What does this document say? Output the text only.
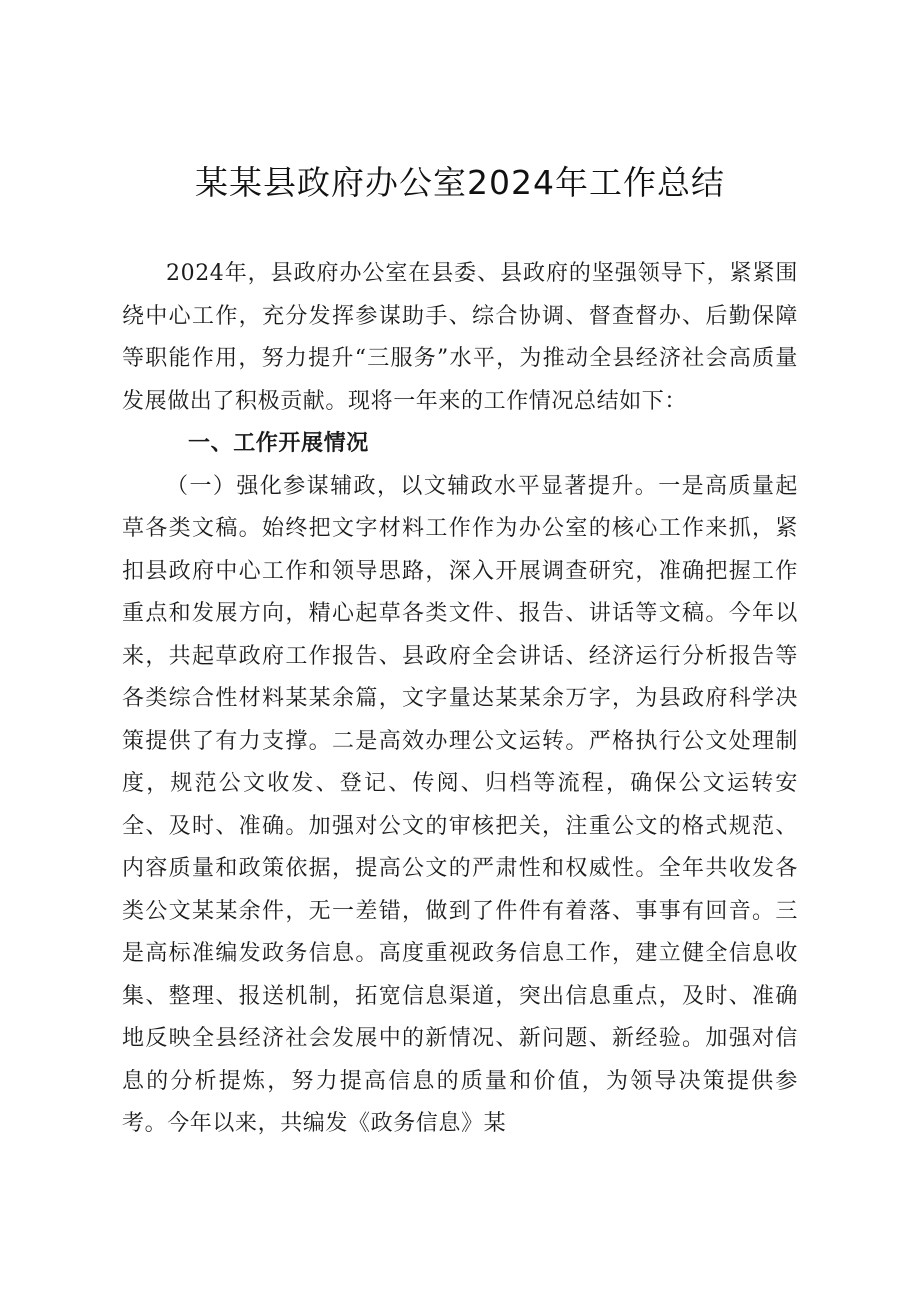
某某县政府办公室2024年工作总结

2024年，县政府办公室在县委、县政府的坚强领导下，紧紧围绕中心工作，充分发挥参谋助手、综合协调、督查督办、后勤保障等职能作用，努力提升“三服务”水平，为推动全县经济社会高质量发展做出了积极贡献。现将一年来的工作情况总结如下：

一、工作开展情况

（一）强化参谋辅政，以文辅政水平显著提升。一是高质量起草各类文稿。始终把文字材料工作作为办公室的核心工作来抓，紧扣县政府中心工作和领导思路，深入开展调查研究，准确把握工作重点和发展方向，精心起草各类文件、报告、讲话等文稿。今年以来，共起草政府工作报告、县政府全会讲话、经济运行分析报告等各类综合性材料某某余篇，文字量达某某余万字，为县政府科学决策提供了有力支撑。二是高效办理公文运转。严格执行公文处理制度，规范公文收发、登记、传阅、归档等流程，确保公文运转安全、及时、准确。加强对公文的审核把关，注重公文的格式规范、内容质量和政策依据，提高公文的严肃性和权威性。全年共收发各类公文某某余件，无一差错，做到了件件有着落、事事有回音。三是高标准编发政务信息。高度重视政务信息工作，建立健全信息收集、整理、报送机制，拓宽信息渠道，突出信息重点，及时、准确地反映全县经济社会发展中的新情况、新问题、新经验。加强对信息的分析提炼，努力提高信息的质量和价值，为领导决策提供参考。今年以来，共编发《政务信息》某
